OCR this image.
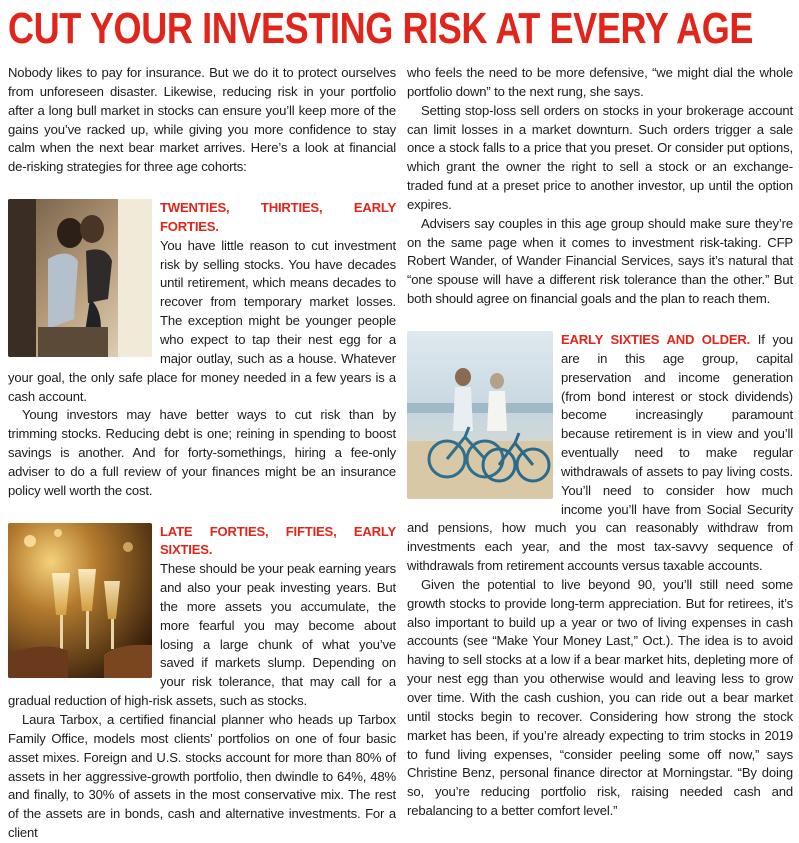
CUT YOUR INVESTING RISK AT EVERY AGE

Nobody likes to pay for insurance. But we do it to protect ourselves from unforeseen disaster. Likewise, reducing risk in your portfolio after a long bull market in stocks can ensure you’ll keep more of the gains you’ve racked up, while giving you more confidence to stay calm when the next bear market arrives. Here’s a look at financial de-risking strategies for three age cohorts:

TWENTIES, THIRTIES, EARLY FORTIES.
You have little reason to cut investment risk by selling stocks. You have decades until retirement, which means decades to recover from temporary market losses. The exception might be younger people who expect to tap their nest egg for a major outlay, such as a house. Whatever your goal, the only safe place for money needed in a few years is a cash account.

Young investors may have better ways to cut risk than by trimming stocks. Reducing debt is one; reining in spending to boost savings is another. And for forty-somethings, hiring a fee-only adviser to do a full review of your finances might be an insurance policy well worth the cost.

LATE FORTIES, FIFTIES, EARLY SIXTIES.
These should be your peak earning years and also your peak investing years. But the more assets you accumulate, the more fearful you may become about losing a large chunk of what you’ve saved if markets slump. Depending on your risk tolerance, that may call for a gradual reduction of high-risk assets, such as stocks.

Laura Tarbox, a certified financial planner who heads up Tarbox Family Office, models most clients’ portfolios on one of four basic asset mixes. Foreign and U.S. stocks account for more than 80% of assets in her aggressive-growth portfolio, then dwindle to 64%, 48% and finally, to 30% of assets in the most conservative mix. The rest of the assets are in bonds, cash and alternative investments. For a client

who feels the need to be more defensive, “we might dial the whole portfolio down” to the next rung, she says.

Setting stop-loss sell orders on stocks in your brokerage account can limit losses in a market downturn. Such orders trigger a sale once a stock falls to a price that you preset. Or consider put options, which grant the owner the right to sell a stock or an exchange-traded fund at a preset price to another investor, up until the option expires.

Advisers say couples in this age group should make sure they’re on the same page when it comes to investment risk-taking. CFP Robert Wander, of Wander Financial Services, says it’s natural that “one spouse will have a different risk tolerance than the other.” But both should agree on financial goals and the plan to reach them.

EARLY SIXTIES AND OLDER. If you are in this age group, capital preservation and income generation (from bond interest or stock dividends) become increasingly paramount because retirement is in view and you’ll eventually need to make regular withdrawals of assets to pay living costs. You’ll need to consider how much income you’ll have from Social Security and pensions, how much you can reasonably withdraw from investments each year, and the most tax-savvy sequence of withdrawals from retirement accounts versus taxable accounts.

Given the potential to live beyond 90, you’ll still need some growth stocks to provide long-term appreciation. But for retirees, it’s also important to build up a year or two of living expenses in cash accounts (see “Make Your Money Last,” Oct.). The idea is to avoid having to sell stocks at a low if a bear market hits, depleting more of your nest egg than you otherwise would and leaving less to grow over time. With the cash cushion, you can ride out a bear market until stocks begin to recover. Considering how strong the stock market has been, if you’re already expecting to trim stocks in 2019 to fund living expenses, “consider peeling some off now,” says Christine Benz, personal finance director at Morningstar. “By doing so, you’re reducing portfolio risk, raising needed cash and rebalancing to a better comfort level.”
